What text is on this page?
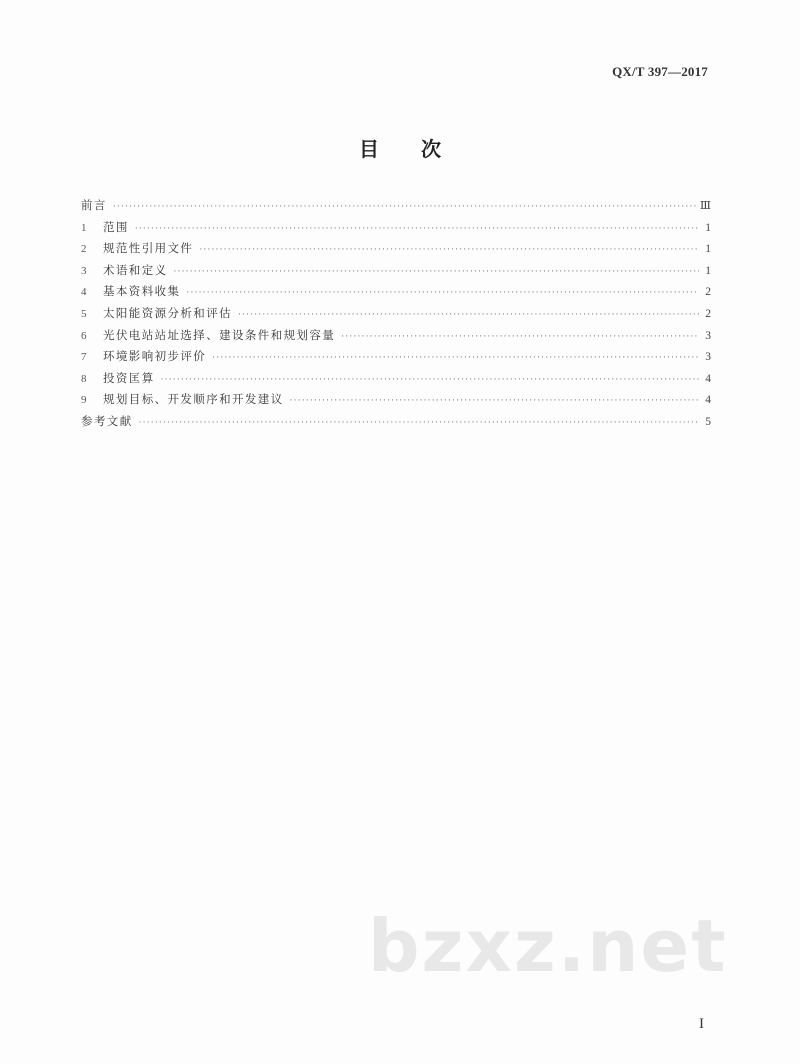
QX/T 397—2017
目 次
前言 ·····	Ⅲ
1	范围 ·····	1
2	规范性引用文件 ·····	1
3	术语和定义 ·····	1
4	基本资料收集 ·····	2
5	太阳能资源分析和评估 ·····	2
6	光伏电站站址选择、建设条件和规划容量 ·····	3
7	环境影响初步评价 ·····	3
8	投资匡算 ·····	4
9	规划目标、开发顺序和开发建议 ·····	4
参考文献 ·····	5
bzxz.net
I
